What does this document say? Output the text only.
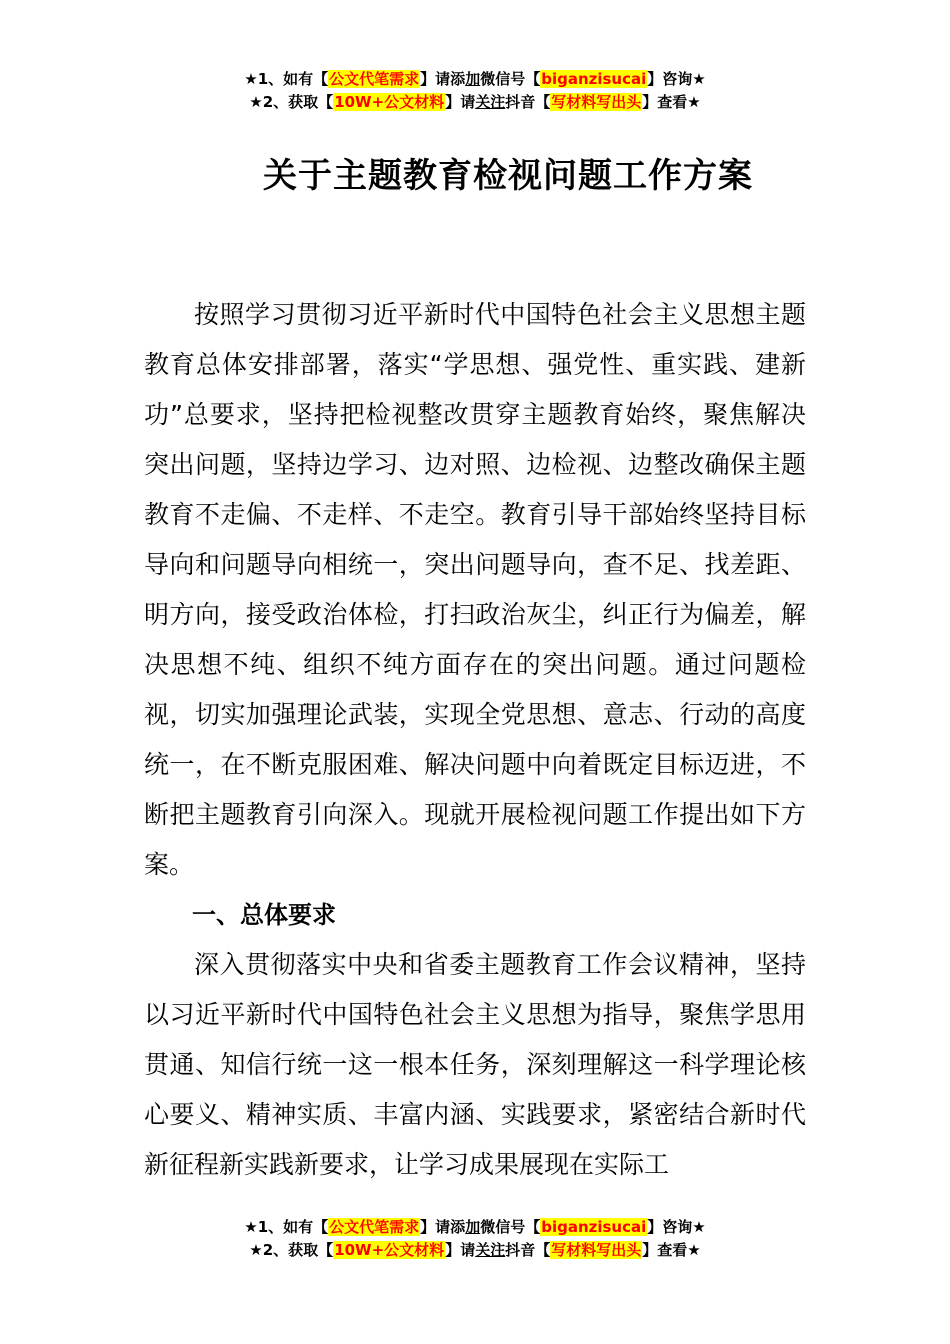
★1、如有【公文代笔需求】请添加微信号【biganzisucai】咨询★
★2、获取【10W+公文材料】请关注抖音【写材料写出头】查看★
关于主题教育检视问题工作方案

按照学习贯彻习近平新时代中国特色社会主义思想主题教育总体安排部署，落实“学思想、强党性、重实践、建新功”总要求，坚持把检视整改贯穿主题教育始终，聚焦解决突出问题，坚持边学习、边对照、边检视、边整改确保主题教育不走偏、不走样、不走空。教育引导干部始终坚持目标导向和问题导向相统一，突出问题导向，查不足、找差距、明方向，接受政治体检，打扫政治灰尘，纠正行为偏差，解决思想不纯、组织不纯方面存在的突出问题。通过问题检视，切实加强理论武装，实现全党思想、意志、行动的高度统一，在不断克服困难、解决问题中向着既定目标迈进，不断把主题教育引向深入。现就开展检视问题工作提出如下方案。

一、总体要求

深入贯彻落实中央和省委主题教育工作会议精神，坚持以习近平新时代中国特色社会主义思想为指导，聚焦学思用贯通、知信行统一这一根本任务，深刻理解这一科学理论核心要义、精神实质、丰富内涵、实践要求，紧密结合新时代新征程新实践新要求，让学习成果展现在实际工

★1、如有【公文代笔需求】请添加微信号【biganzisucai】咨询★
★2、获取【10W+公文材料】请关注抖音【写材料写出头】查看★
